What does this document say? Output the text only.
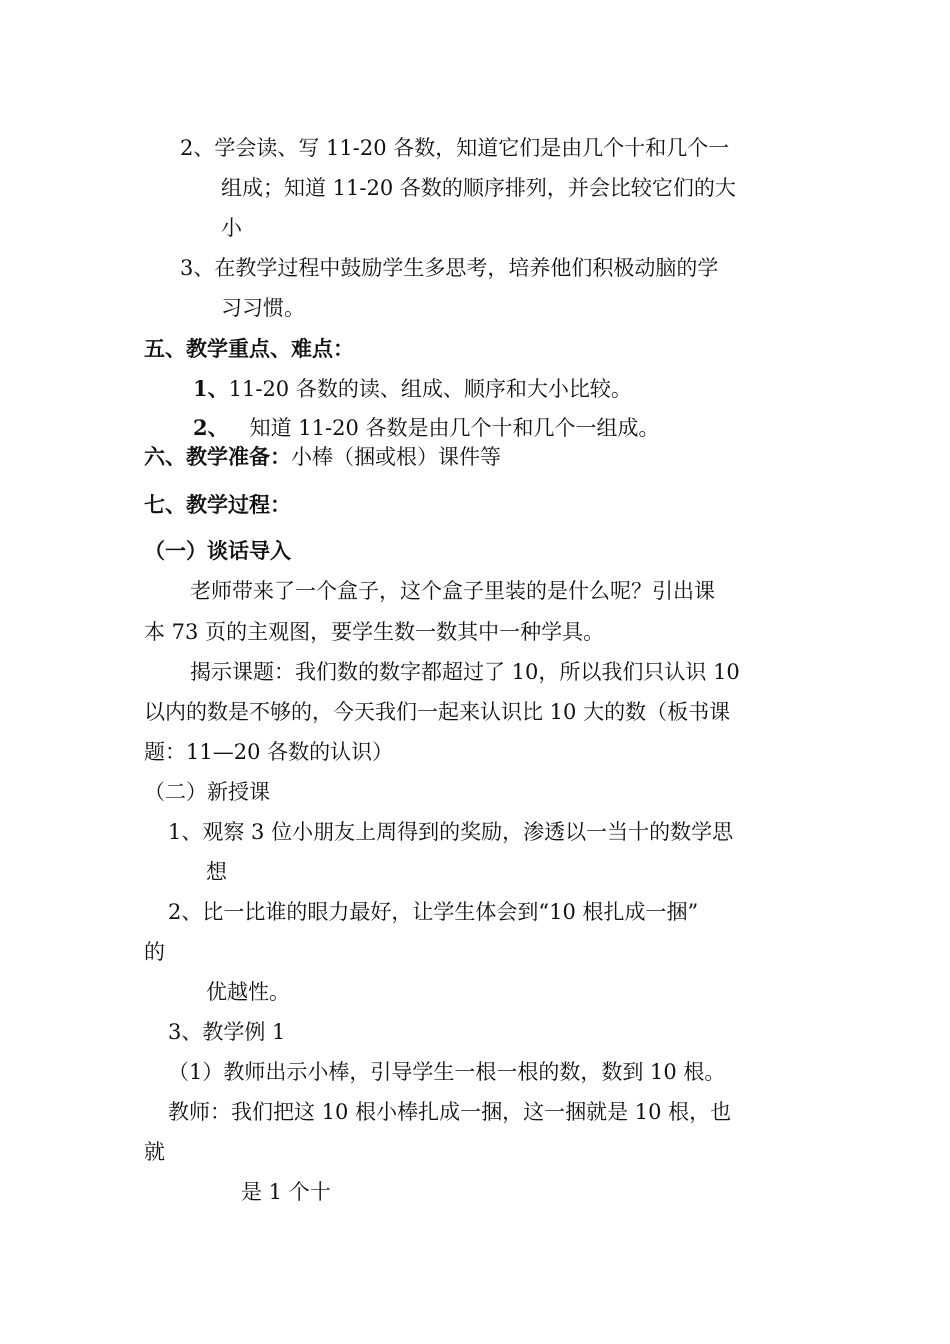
2、学会读、写 11-20 各数，知道它们是由几个十和几个一

组成；知道 11-20 各数的顺序排列，并会比较它们的大

小

3、在教学过程中鼓励学生多思考，培养他们积极动脑的学

习习惯。

五、教学重点、难点：

1、11-20 各数的读、组成、顺序和大小比较。

2、 知道 11-20 各数是由几个十和几个一组成。

六、教学准备：小棒（捆或根）课件等

七、教学过程：

（一）谈话导入

老师带来了一个盒子，这个盒子里装的是什么呢？引出课

本 73 页的主观图，要学生数一数其中一种学具。

揭示课题：我们数的数字都超过了 10，所以我们只认识 10

以内的数是不够的，今天我们一起来认识比 10 大的数（板书课

题：11—20 各数的认识）

（二）新授课

1、观察 3 位小朋友上周得到的奖励，渗透以一当十的数学思

想

2、比一比谁的眼力最好，让学生体会到“10 根扎成一捆”

的

优越性。

3、教学例 1

（1）教师出示小棒，引导学生一根一根的数，数到 10 根。

教师：我们把这 10 根小棒扎成一捆，这一捆就是 10 根，也

就

是 1 个十
